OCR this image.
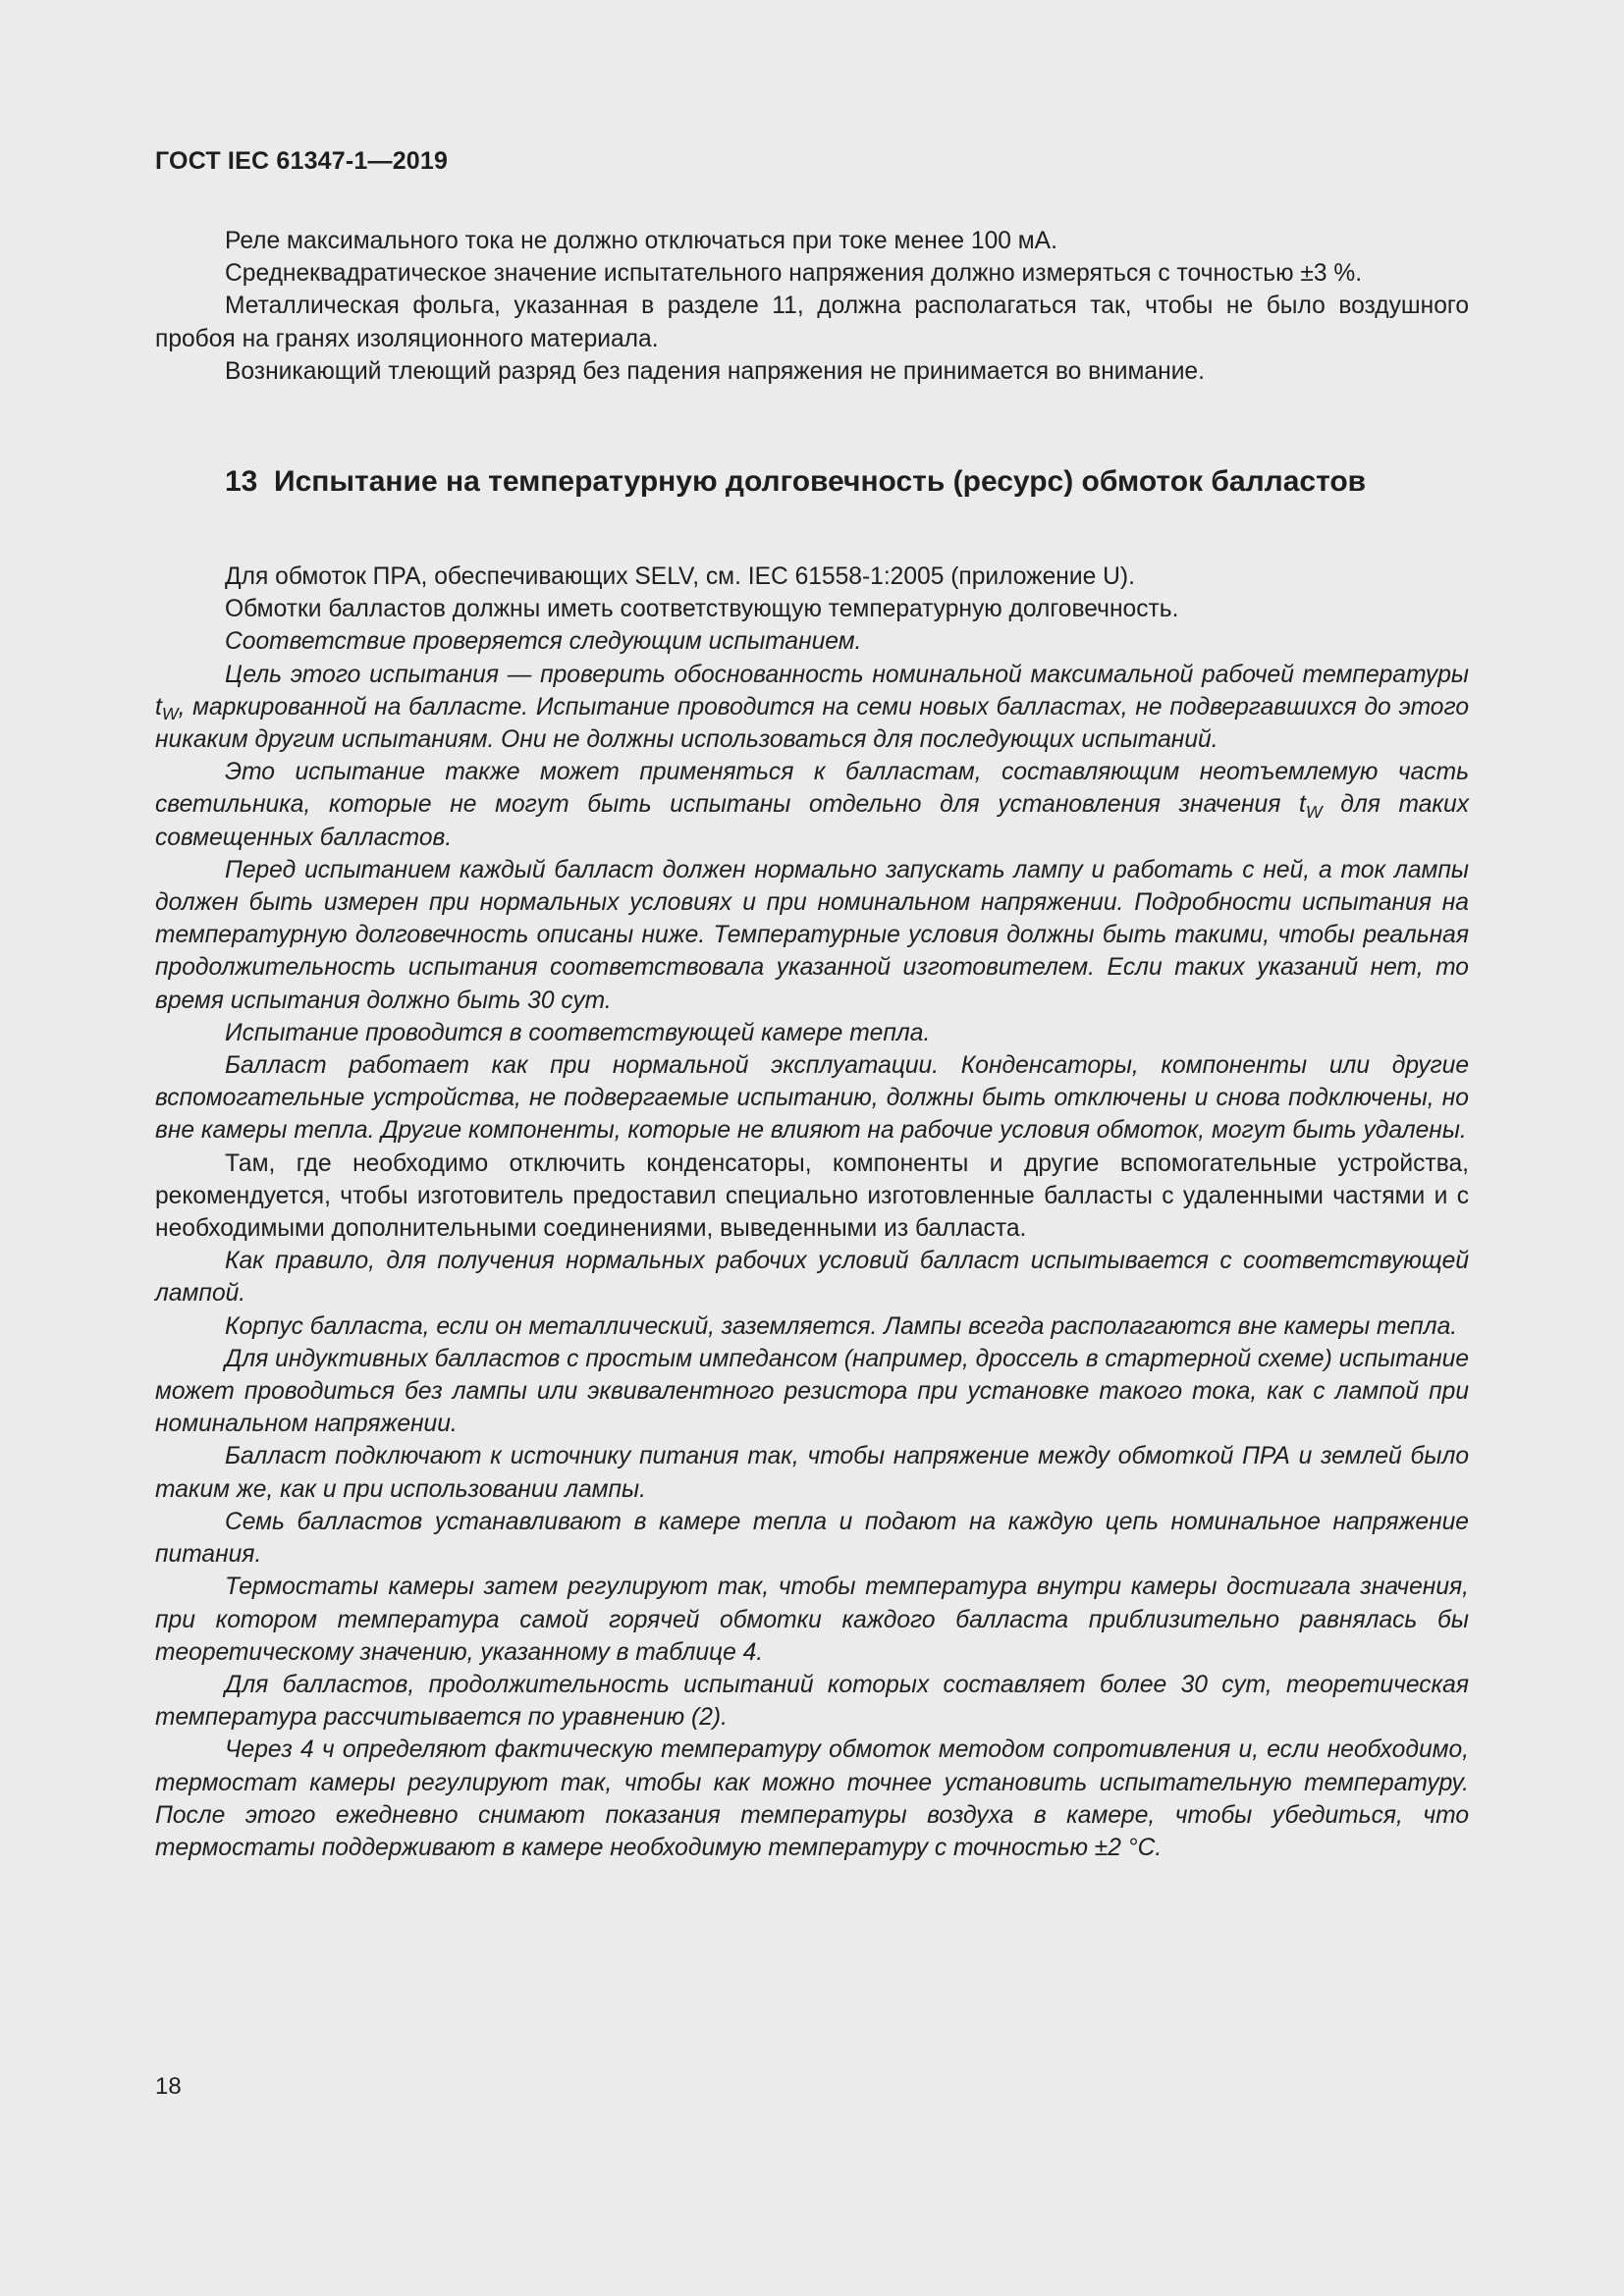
ГОСТ IEC 61347-1—2019

Реле максимального тока не должно отключаться при токе менее 100 мА.

Среднеквадратическое значение испытательного напряжения должно измеряться с точностью ±3 %.

Металлическая фольга, указанная в разделе 11, должна располагаться так, чтобы не было воздушного пробоя на гранях изоляционного материала.

Возникающий тлеющий разряд без падения напряжения не принимается во внимание.

13 Испытание на температурную долговечность (ресурс) обмоток балластов

Для обмоток ПРА, обеспечивающих SELV, см. IEC 61558-1:2005 (приложение U).

Обмотки балластов должны иметь соответствующую температурную долговечность.

Соответствие проверяется следующим испытанием.

Цель этого испытания — проверить обоснованность номинальной максимальной рабочей температуры $t_W$, маркированной на балласте. Испытание проводится на семи новых балластах, не подвергавшихся до этого никаким другим испытаниям. Они не должны использоваться для последующих испытаний.

Это испытание также может применяться к балластам, составляющим неотъемлемую часть светильника, которые не могут быть испытаны отдельно для установления значения $t_W$ для таких совмещенных балластов.

Перед испытанием каждый балласт должен нормально запускать лампу и работать с ней, а ток лампы должен быть измерен при нормальных условиях и при номинальном напряжении. Подробности испытания на температурную долговечность описаны ниже. Температурные условия должны быть такими, чтобы реальная продолжительность испытания соответствовала указанной изготовителем. Если таких указаний нет, то время испытания должно быть 30 сут.

Испытание проводится в соответствующей камере тепла.

Балласт работает как при нормальной эксплуатации. Конденсаторы, компоненты или другие вспомогательные устройства, не подвергаемые испытанию, должны быть отключены и снова подключены, но вне камеры тепла. Другие компоненты, которые не влияют на рабочие условия обмоток, могут быть удалены.

Там, где необходимо отключить конденсаторы, компоненты и другие вспомогательные устройства, рекомендуется, чтобы изготовитель предоставил специально изготовленные балласты с удаленными частями и с необходимыми дополнительными соединениями, выведенными из балласта.

Как правило, для получения нормальных рабочих условий балласт испытывается с соответствующей лампой.

Корпус балласта, если он металлический, заземляется. Лампы всегда располагаются вне камеры тепла.

Для индуктивных балластов с простым импедансом (например, дроссель в стартерной схеме) испытание может проводиться без лампы или эквивалентного резистора при установке такого тока, как с лампой при номинальном напряжении.

Балласт подключают к источнику питания так, чтобы напряжение между обмоткой ПРА и землей было таким же, как и при использовании лампы.

Семь балластов устанавливают в камере тепла и подают на каждую цепь номинальное напряжение питания.

Термостаты камеры затем регулируют так, чтобы температура внутри камеры достигала значения, при котором температура самой горячей обмотки каждого балласта приблизительно равнялась бы теоретическому значению, указанному в таблице 4.

Для балластов, продолжительность испытаний которых составляет более 30 сут, теоретическая температура рассчитывается по уравнению (2).

Через 4 ч определяют фактическую температуру обмоток методом сопротивления и, если необходимо, термостат камеры регулируют так, чтобы как можно точнее установить испытательную температуру. После этого ежедневно снимают показания температуры воздуха в камере, чтобы убедиться, что термостаты поддерживают в камере необходимую температуру с точностью ±2 °С.

18
